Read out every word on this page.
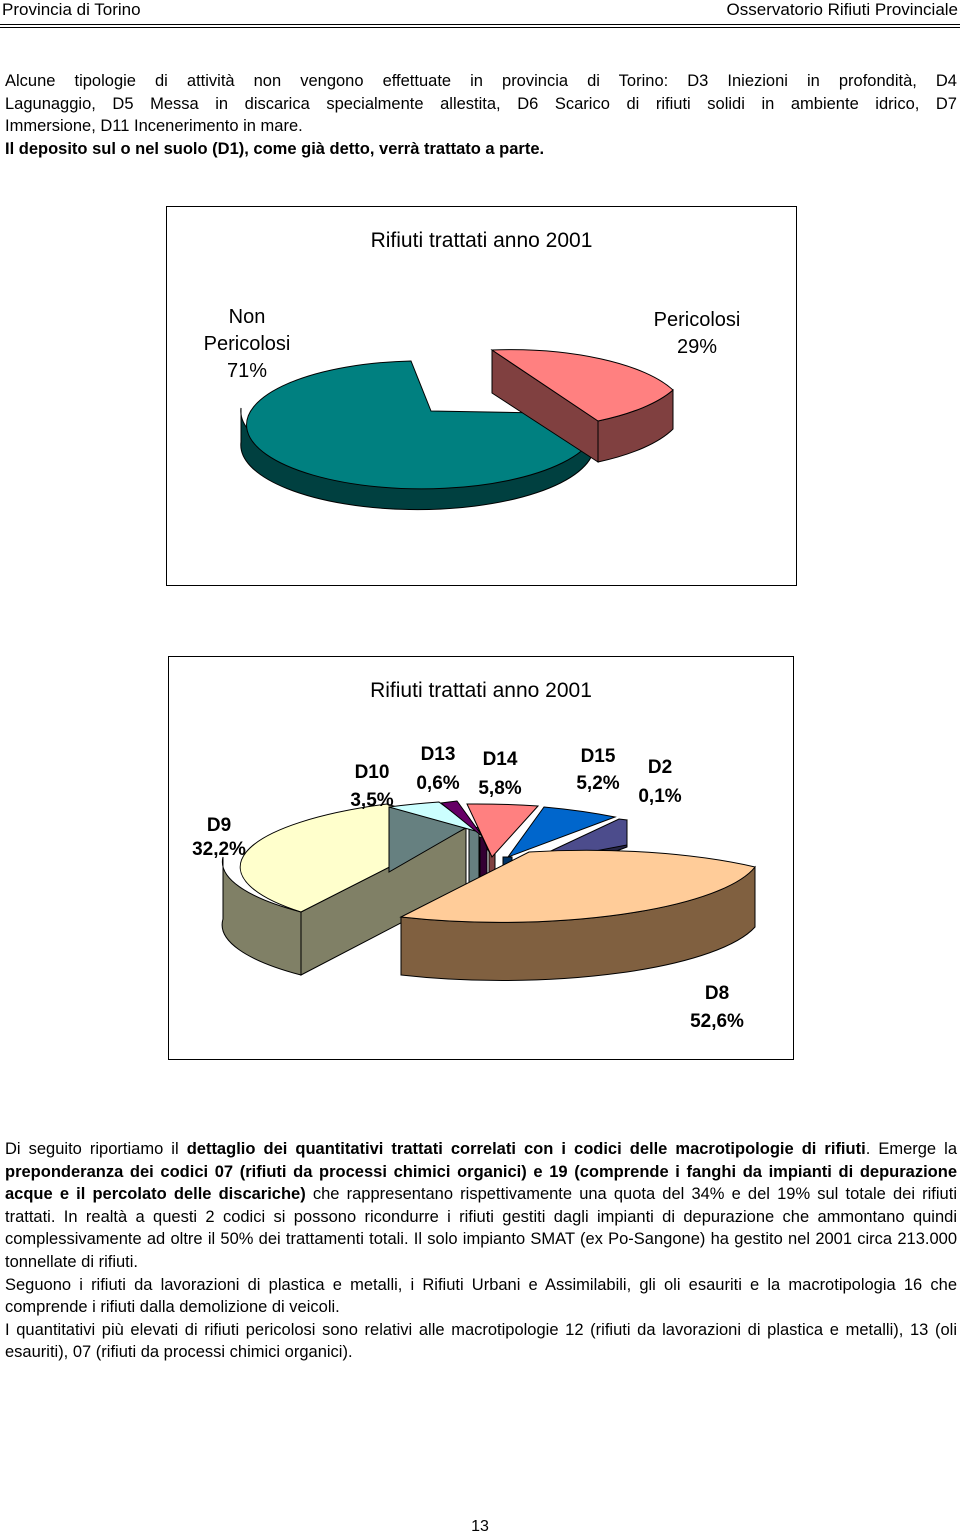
Provincia di Torino	Osservatorio Rifiuti Provinciale
Alcune tipologie di attività non vengono effettuate in provincia di Torino: D3 Iniezioni in profondità, D4
Lagunaggio, D5 Messa in discarica specialmente allestita, D6 Scarico di rifiuti solidi in ambiente idrico, D7
Immersione, D11 Incenerimento in mare.
Il deposito sul o nel suolo (D1), come già detto, verrà trattato a parte.
Rifiuti trattati anno 2001
Non
Pericolosi
71%
Pericolosi
29%
Rifiuti trattati anno 2001
D9
32,2%
D10
3,5%
D13
0,6%
D14
5,8%
D15
5,2%
D2
0,1%
D8
52,6%
Di seguito riportiamo il dettaglio dei quantitativi trattati correlati con i codici delle macrotipologie di rifiuti. Emerge la preponderanza dei codici 07 (rifiuti da processi chimici organici) e 19 (comprende i fanghi da impianti di depurazione acque e il percolato delle discariche) che rappresentano rispettivamente una quota del 34% e del 19% sul totale dei rifiuti trattati. In realtà a questi 2 codici si possono ricondurre i rifiuti gestiti dagli impianti di depurazione che ammontano quindi complessivamente ad oltre il 50% dei trattamenti totali. Il solo impianto SMAT (ex Po-Sangone) ha gestito nel 2001 circa 213.000 tonnellate di rifiuti.
Seguono i rifiuti da lavorazioni di plastica e metalli, i Rifiuti Urbani e Assimilabili, gli oli esauriti e la macrotipologia 16 che comprende i rifiuti dalla demolizione di veicoli.
I quantitativi più elevati di rifiuti pericolosi sono relativi alle macrotipologie 12 (rifiuti da lavorazioni di plastica e metalli), 13 (oli esauriti), 07 (rifiuti da processi chimici organici).
13
